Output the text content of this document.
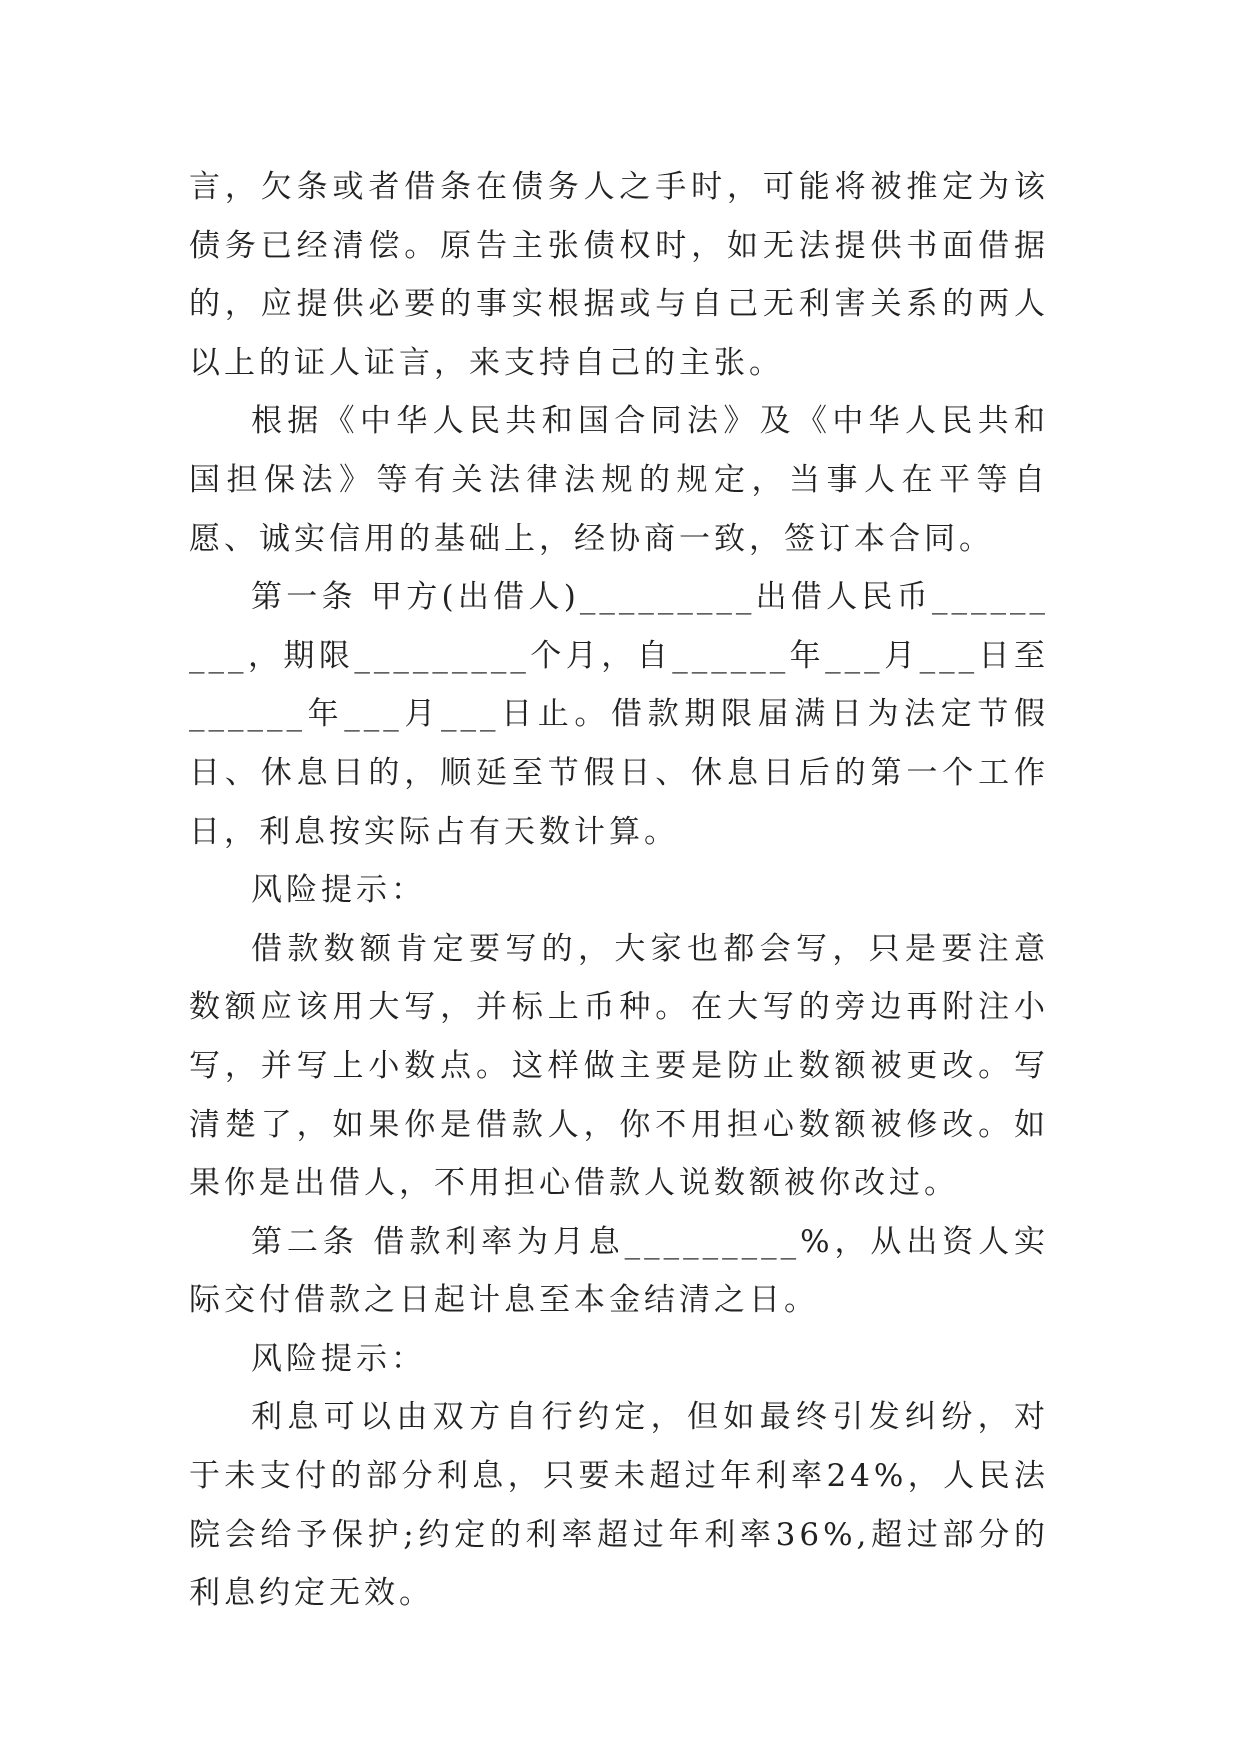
言，欠条或者借条在债务人之手时，可能将被推定为该债务已经清偿。原告主张债权时，如无法提供书面借据的，应提供必要的事实根据或与自己无利害关系的两人以上的证人证言，来支持自己的主张。

根据《中华人民共和国合同法》及《中华人民共和国担保法》等有关法律法规的规定，当事人在平等自愿、诚实信用的基础上，经协商一致，签订本合同。

第一条 甲方(出借人)_________出借人民币_________，期限_________个月，自______年___月___日至______年___月___日止。借款期限届满日为法定节假日、休息日的，顺延至节假日、休息日后的第一个工作日，利息按实际占有天数计算。

风险提示：

借款数额肯定要写的，大家也都会写，只是要注意数额应该用大写，并标上币种。在大写的旁边再附注小写，并写上小数点。这样做主要是防止数额被更改。写清楚了，如果你是借款人，你不用担心数额被修改。如果你是出借人，不用担心借款人说数额被你改过。

第二条 借款利率为月息_________%，从出资人实际交付借款之日起计息至本金结清之日。

风险提示：

利息可以由双方自行约定，但如最终引发纠纷，对于未支付的部分利息，只要未超过年利率24%，人民法院会给予保护;约定的利率超过年利率36%,超过部分的利息约定无效。
